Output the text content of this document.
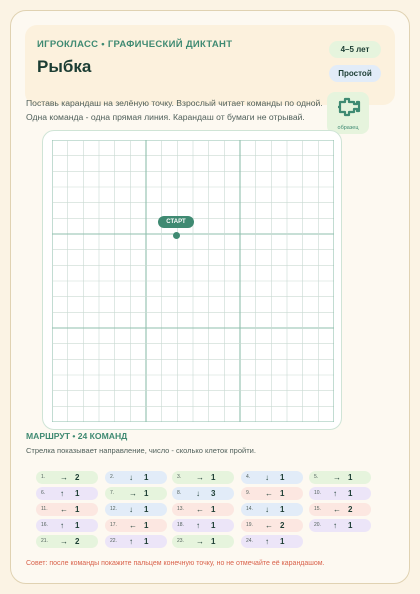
ИГРОКЛАСС • ГРАФИЧЕСКИЙ ДИКТАНТ
Рыбка
4–5 лет
Простой
Поставь карандаш на зелёную точку. Взрослый читает команды по одной.
Одна команда - одна прямая линия. Карандаш от бумаги не отрывай.
образец
СТАРТ
МАРШРУТ • 24 КОМАНД
Стрелка показывает направление, число - сколько клеток пройти.
1. → 2	2. ↓ 1	3. → 1	4. ↓ 1	5. → 1
6. ↑ 1	7. → 1	8. ↓ 3	9. ← 1	10. ↑ 1
11. ← 1	12. ↓ 1	13. ← 1	14. ↓ 1	15. ← 2
16. ↑ 1	17. ← 1	18. ↑ 1	19. ← 2	20. ↑ 1
21. → 2	22. ↑ 1	23. → 1	24. ↑ 1
Совет: после команды покажите пальцем конечную точку, но не отмечайте её карандашом.
